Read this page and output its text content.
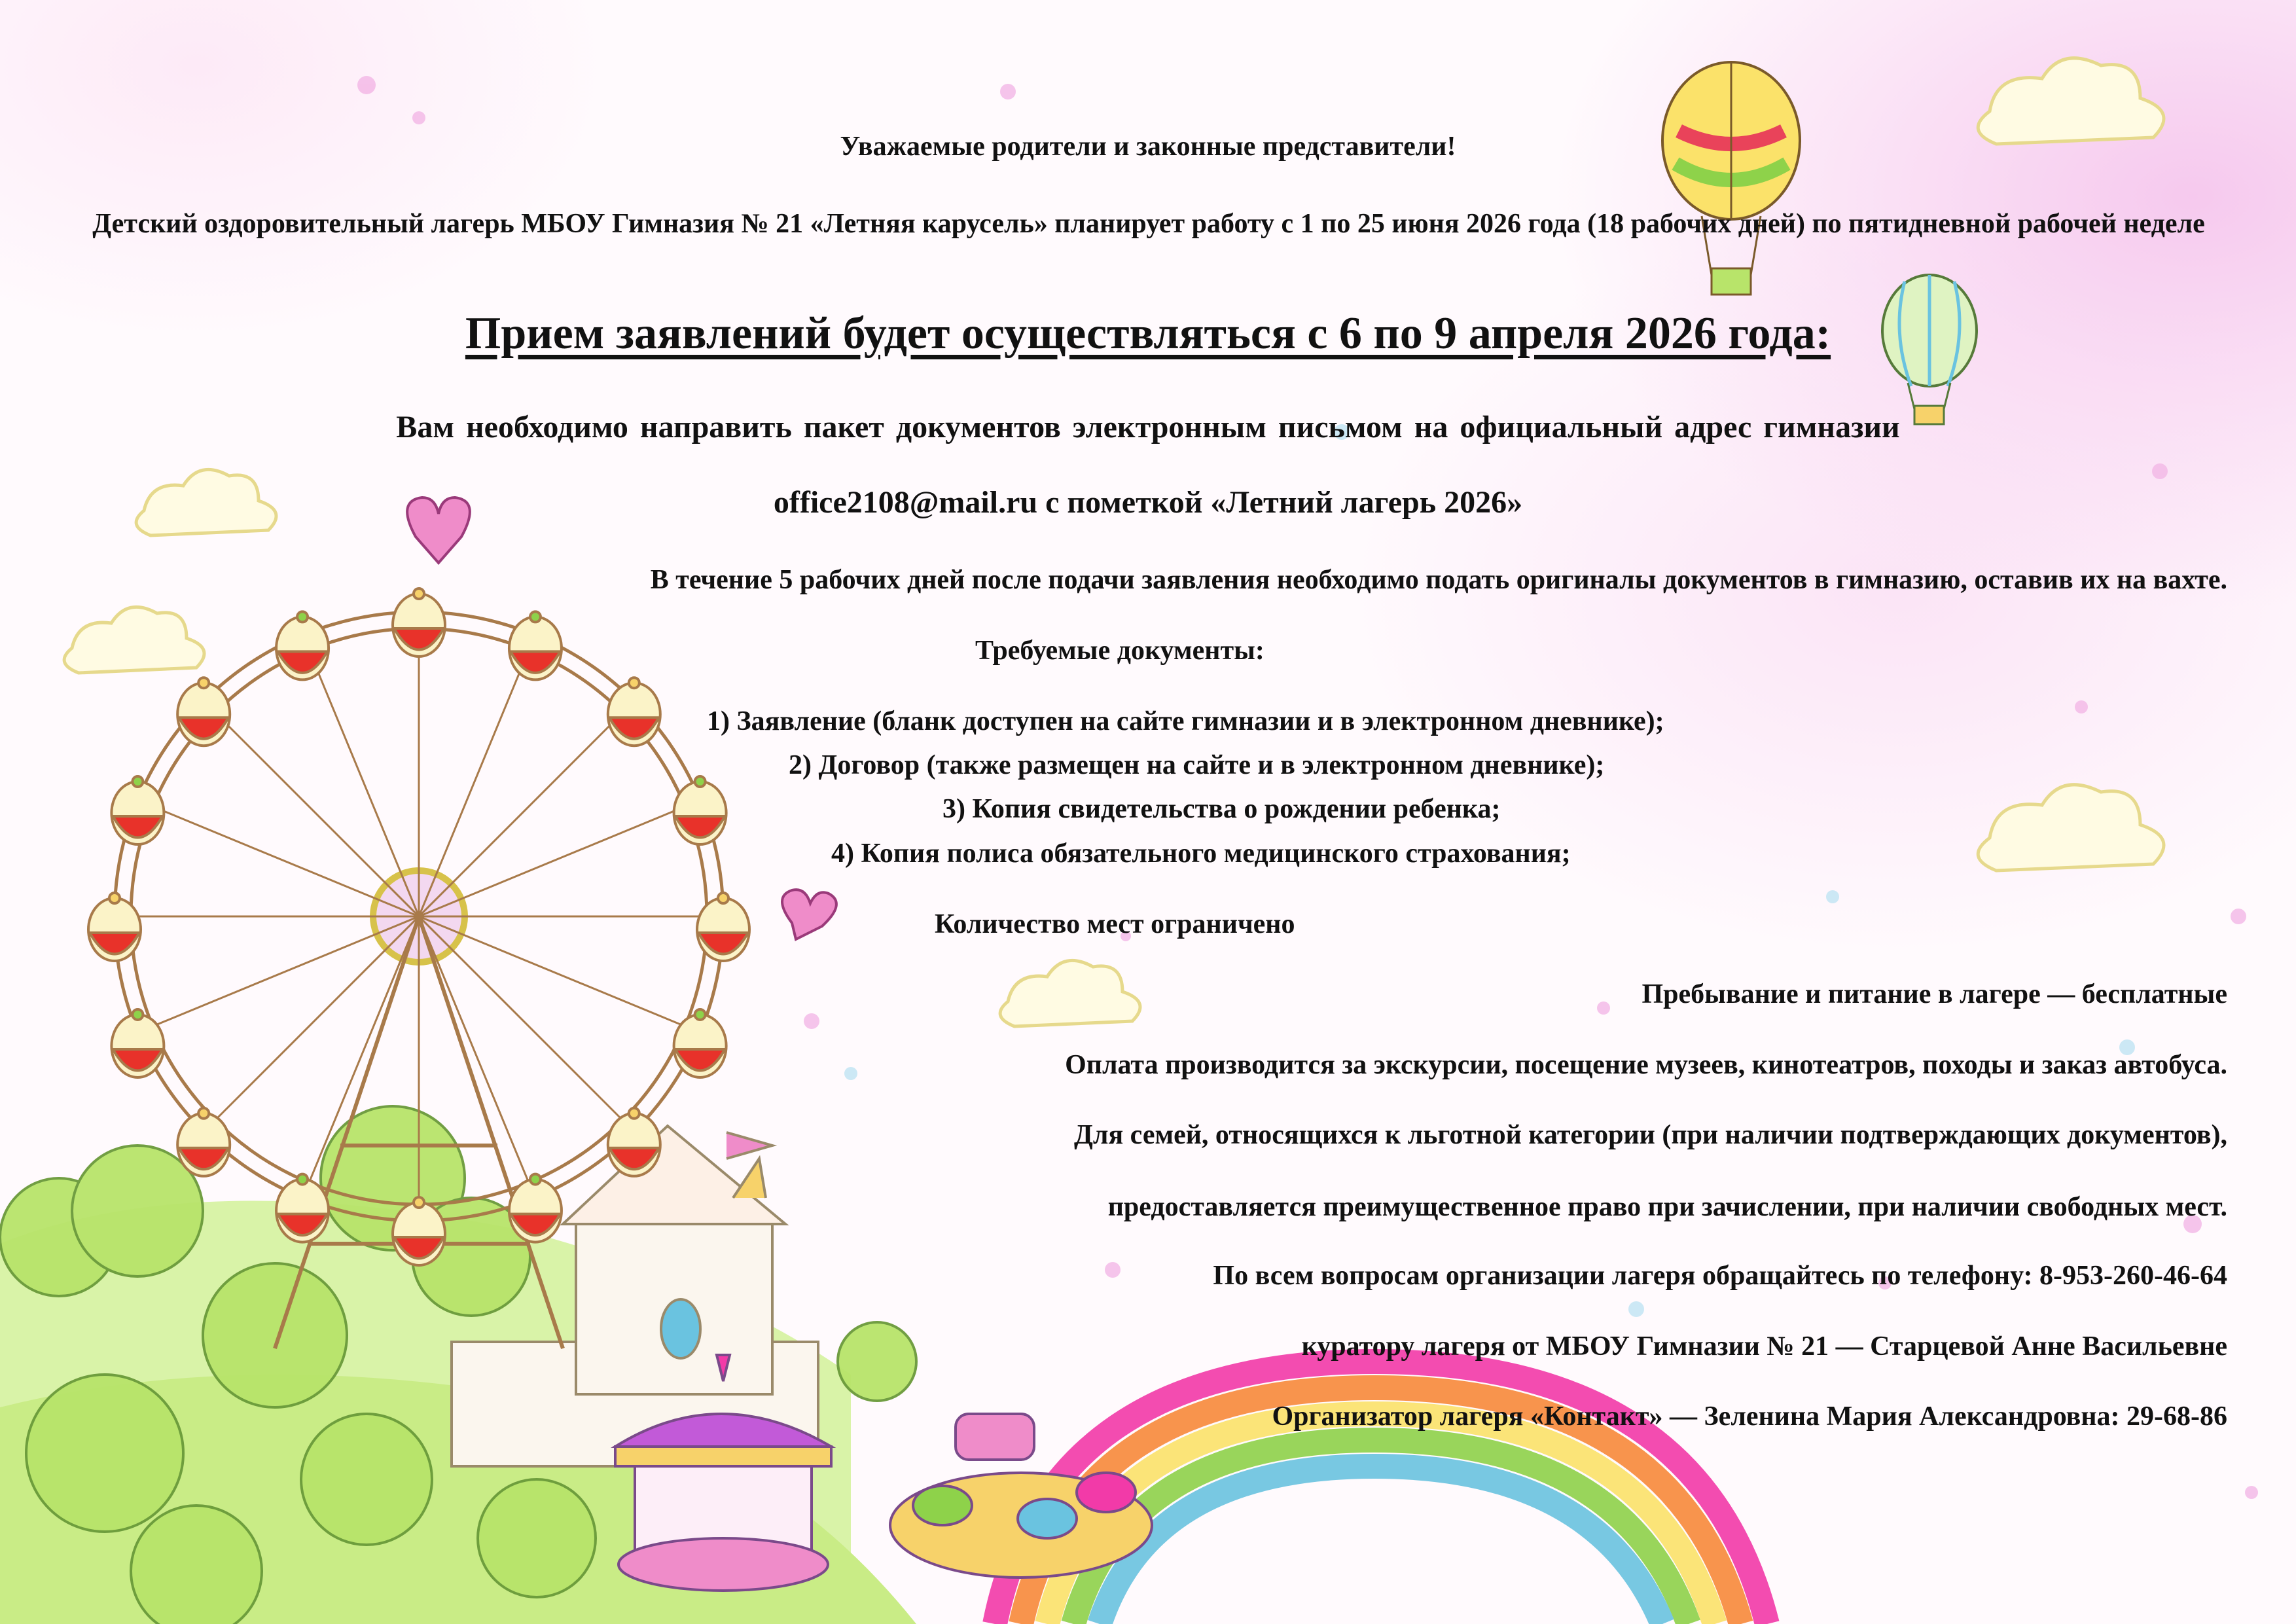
Уважаемые родители и законные представители!
Детский оздоровительный лагерь МБОУ Гимназия № 21 «Летняя карусель» планирует работу с 1 по 25 июня 2026 года (18 рабочих дней) по пятидневной рабочей неделе
Прием заявлений будет осуществляться с 6 по 9 апреля 2026 года:
Вам необходимо направить пакет документов электронным письмом на официальный адрес гимназии
office2108@mail.ru с пометкой «Летний лагерь 2026»
В течение 5 рабочих дней после подачи заявления необходимо подать оригиналы документов в гимназию, оставив их на вахте.
Требуемые документы:
1) Заявление (бланк доступен на сайте гимназии и в электронном дневнике);
2) Договор (также размещен на сайте и в электронном дневнике);
3) Копия свидетельства о рождении ребенка;
4) Копия полиса обязательного медицинского страхования;
Количество мест ограничено
Пребывание и питание в лагере — бесплатные
Оплата производится за экскурсии, посещение музеев, кинотеатров, походы и заказ автобуса.
Для семей, относящихся к льготной категории (при наличии подтверждающих документов),
предоставляется преимущественное право при зачислении, при наличии свободных мест.
По всем вопросам организации лагеря обращайтесь по телефону: 8-953-260-46-64
куратору лагеря от МБОУ Гимназии № 21 — Старцевой Анне Васильевне
Организатор лагеря «Контакт» — Зеленина Мария Александровна: 29-68-86
